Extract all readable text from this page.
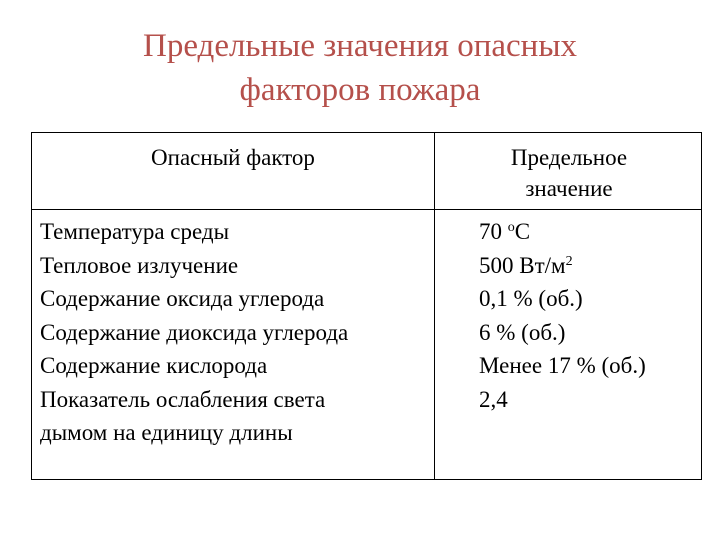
Предельные значения опасных
факторов пожара
Опасный фактор	Предельное
значение
Температура среды
Тепловое излучение
Содержание оксида углерода
Содержание диоксида углерода
Содержание кислорода
Показатель ослабления света
дымом на единицу длины
70 $^o$С
500 $Вт/м^2$
0,1 % (об.)
6 % (об.)
Менее 17 % (об.)
2,4
